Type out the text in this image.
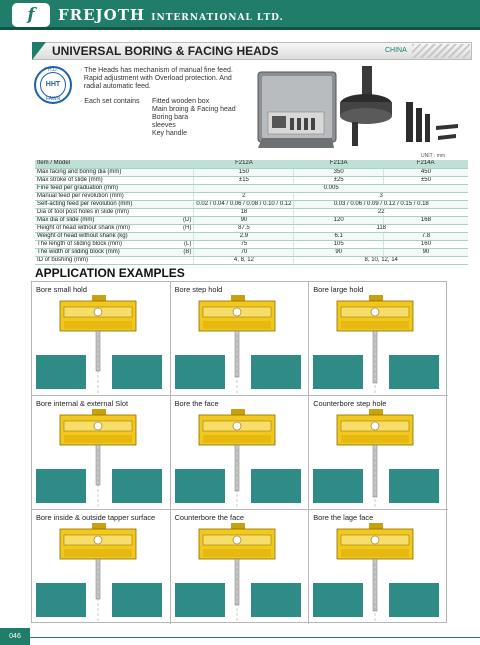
f FREJOTH INTERNATIONAL LTD.
UNIVERSAL BORING & FACING HEADS	CHINA
H.D.
HHT
FAWN
· The Heads has mechanism of manual fine feed.
Rapid adjustment with Overload protection. And
radial automatic feed.
· Each set contains Fitted wooden box
Main broing & Facing head
Boring bara
sleeves
Key handle
UNIT : mm
Item / Model		F212A	F213A	F214A
Max facing and boring dia (mm)		150	350	450
Max stroke of slide (mm)		±15	±25	±50
Fine feed per graduation (mm)		0.005		
Manual feed per revolution (mm)		2	3	
Self-acting feed per revolution (mm)		0.02 / 0.04 / 0.06 / 0.08 / 0.10 / 0.12	0.03 / 0.06 / 0.09 / 0.12 / 0.15 / 0.18	
Dia of tool post holes in slide (mm)		18	22	
Max dia of slide (mm)	(D)	90	120	168
Height of head without shank (mm)	(H)	87.5	118	
Weight of head without shank (kg)		2.9	6.1	7.8
The length of sliding block (mm)	(L)	75	105	160
The width of sliding block (mm)	(B)	70	90	90
ID of bushing (mm)		4, 8, 12	8, 10, 12, 14	
APPLICATION EXAMPLES
Bore small hold	Bore step hold	Bore large hold
Bore internal & external Slot	Bore the face	Counterbore step hole
Bore inside & outside tapper surface	Counterbore the face	Bore the lage face
046
